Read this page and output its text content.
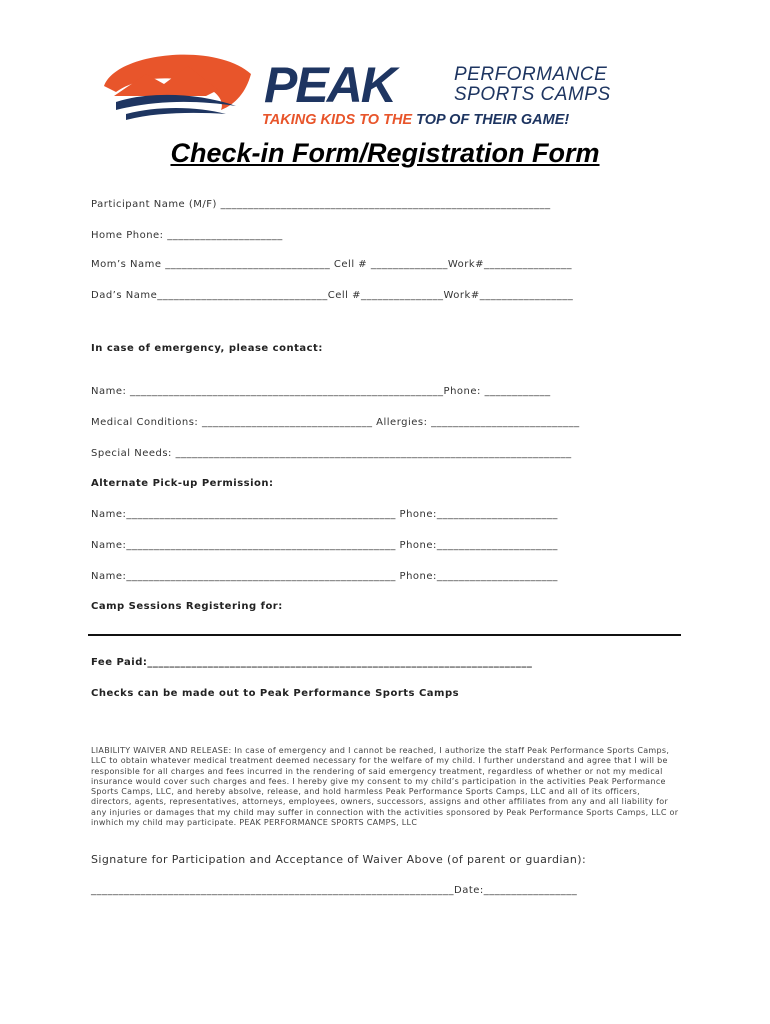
PEAK	PERFORMANCE
SPORTS CAMPS
TAKING KIDS TO THE TOP OF THEIR GAME!
Check-in Form/Registration Form
Participant Name (M/F) ____________________________________________________________
Home Phone: _____________________
Mom’s Name ______________________________ Cell # ______________Work#________________
Dad’s Name_______________________________Cell #_______________Work#_________________
In case of emergency, please contact:
Name: _________________________________________________________Phone: ____________
Medical Conditions: _______________________________ Allergies: ___________________________
Special Needs: ________________________________________________________________________
Alternate Pick-up Permission:
Name:_________________________________________________ Phone:______________________
Name:_________________________________________________ Phone:______________________
Name:_________________________________________________ Phone:______________________
Camp Sessions Registering for:
Fee Paid:______________________________________________________________________
Checks can be made out to Peak Performance Sports Camps
LIABILITY WAIVER AND RELEASE: In case of emergency and I cannot be reached, I authorize the staff Peak Performance Sports Camps, LLC to obtain whatever medical treatment deemed necessary for the welfare of my child. I further understand and agree that I will be responsible for all charges and fees incurred in the rendering of said emergency treatment, regardless of whether or not my medical insurance would cover such charges and fees. I hereby give my consent to my child’s participation in the activities Peak Performance Sports Camps, LLC, and hereby absolve, release, and hold harmless Peak Performance Sports Camps, LLC and all of its officers, directors, agents, representatives, attorneys, employees, owners, successors, assigns and other affiliates from any and all liability for any injuries or damages that my child may suffer in connection with the activities sponsored by Peak Performance Sports Camps, LLC or inwhich my child may participate. PEAK PERFORMANCE SPORTS CAMPS, LLC
Signature for Participation and Acceptance of Waiver Above (of parent or guardian):
__________________________________________________________________Date:_________________
